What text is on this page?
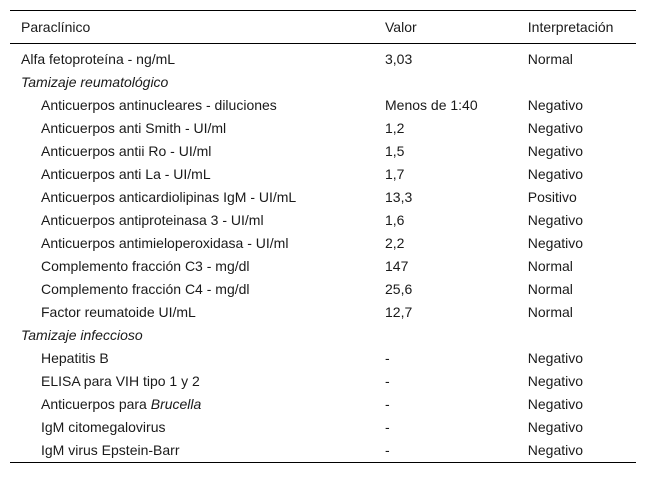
Paraclínico	Valor	Interpretación
Alfa fetoproteína - ng/mL	3,03	Normal
Tamizaje reumatológico		
Anticuerpos antinucleares - diluciones	Menos de 1:40	Negativo
Anticuerpos anti Smith - UI/ml	1,2	Negativo
Anticuerpos antii Ro - UI/ml	1,5	Negativo
Anticuerpos anti La - UI/mL	1,7	Negativo
Anticuerpos anticardiolipinas IgM - UI/mL	13,3	Positivo
Anticuerpos antiproteinasa 3 - UI/ml	1,6	Negativo
Anticuerpos antimieloperoxidasa - UI/ml	2,2	Negativo
Complemento fracción C3 - mg/dl	147	Normal
Complemento fracción C4 - mg/dl	25,6	Normal
Factor reumatoide UI/mL	12,7	Normal
Tamizaje infeccioso		
Hepatitis B	-	Negativo
ELISA para VIH tipo 1 y 2	-	Negativo
Anticuerpos para Brucella	-	Negativo
IgM citomegalovirus	-	Negativo
IgM virus Epstein-Barr	-	Negativo
